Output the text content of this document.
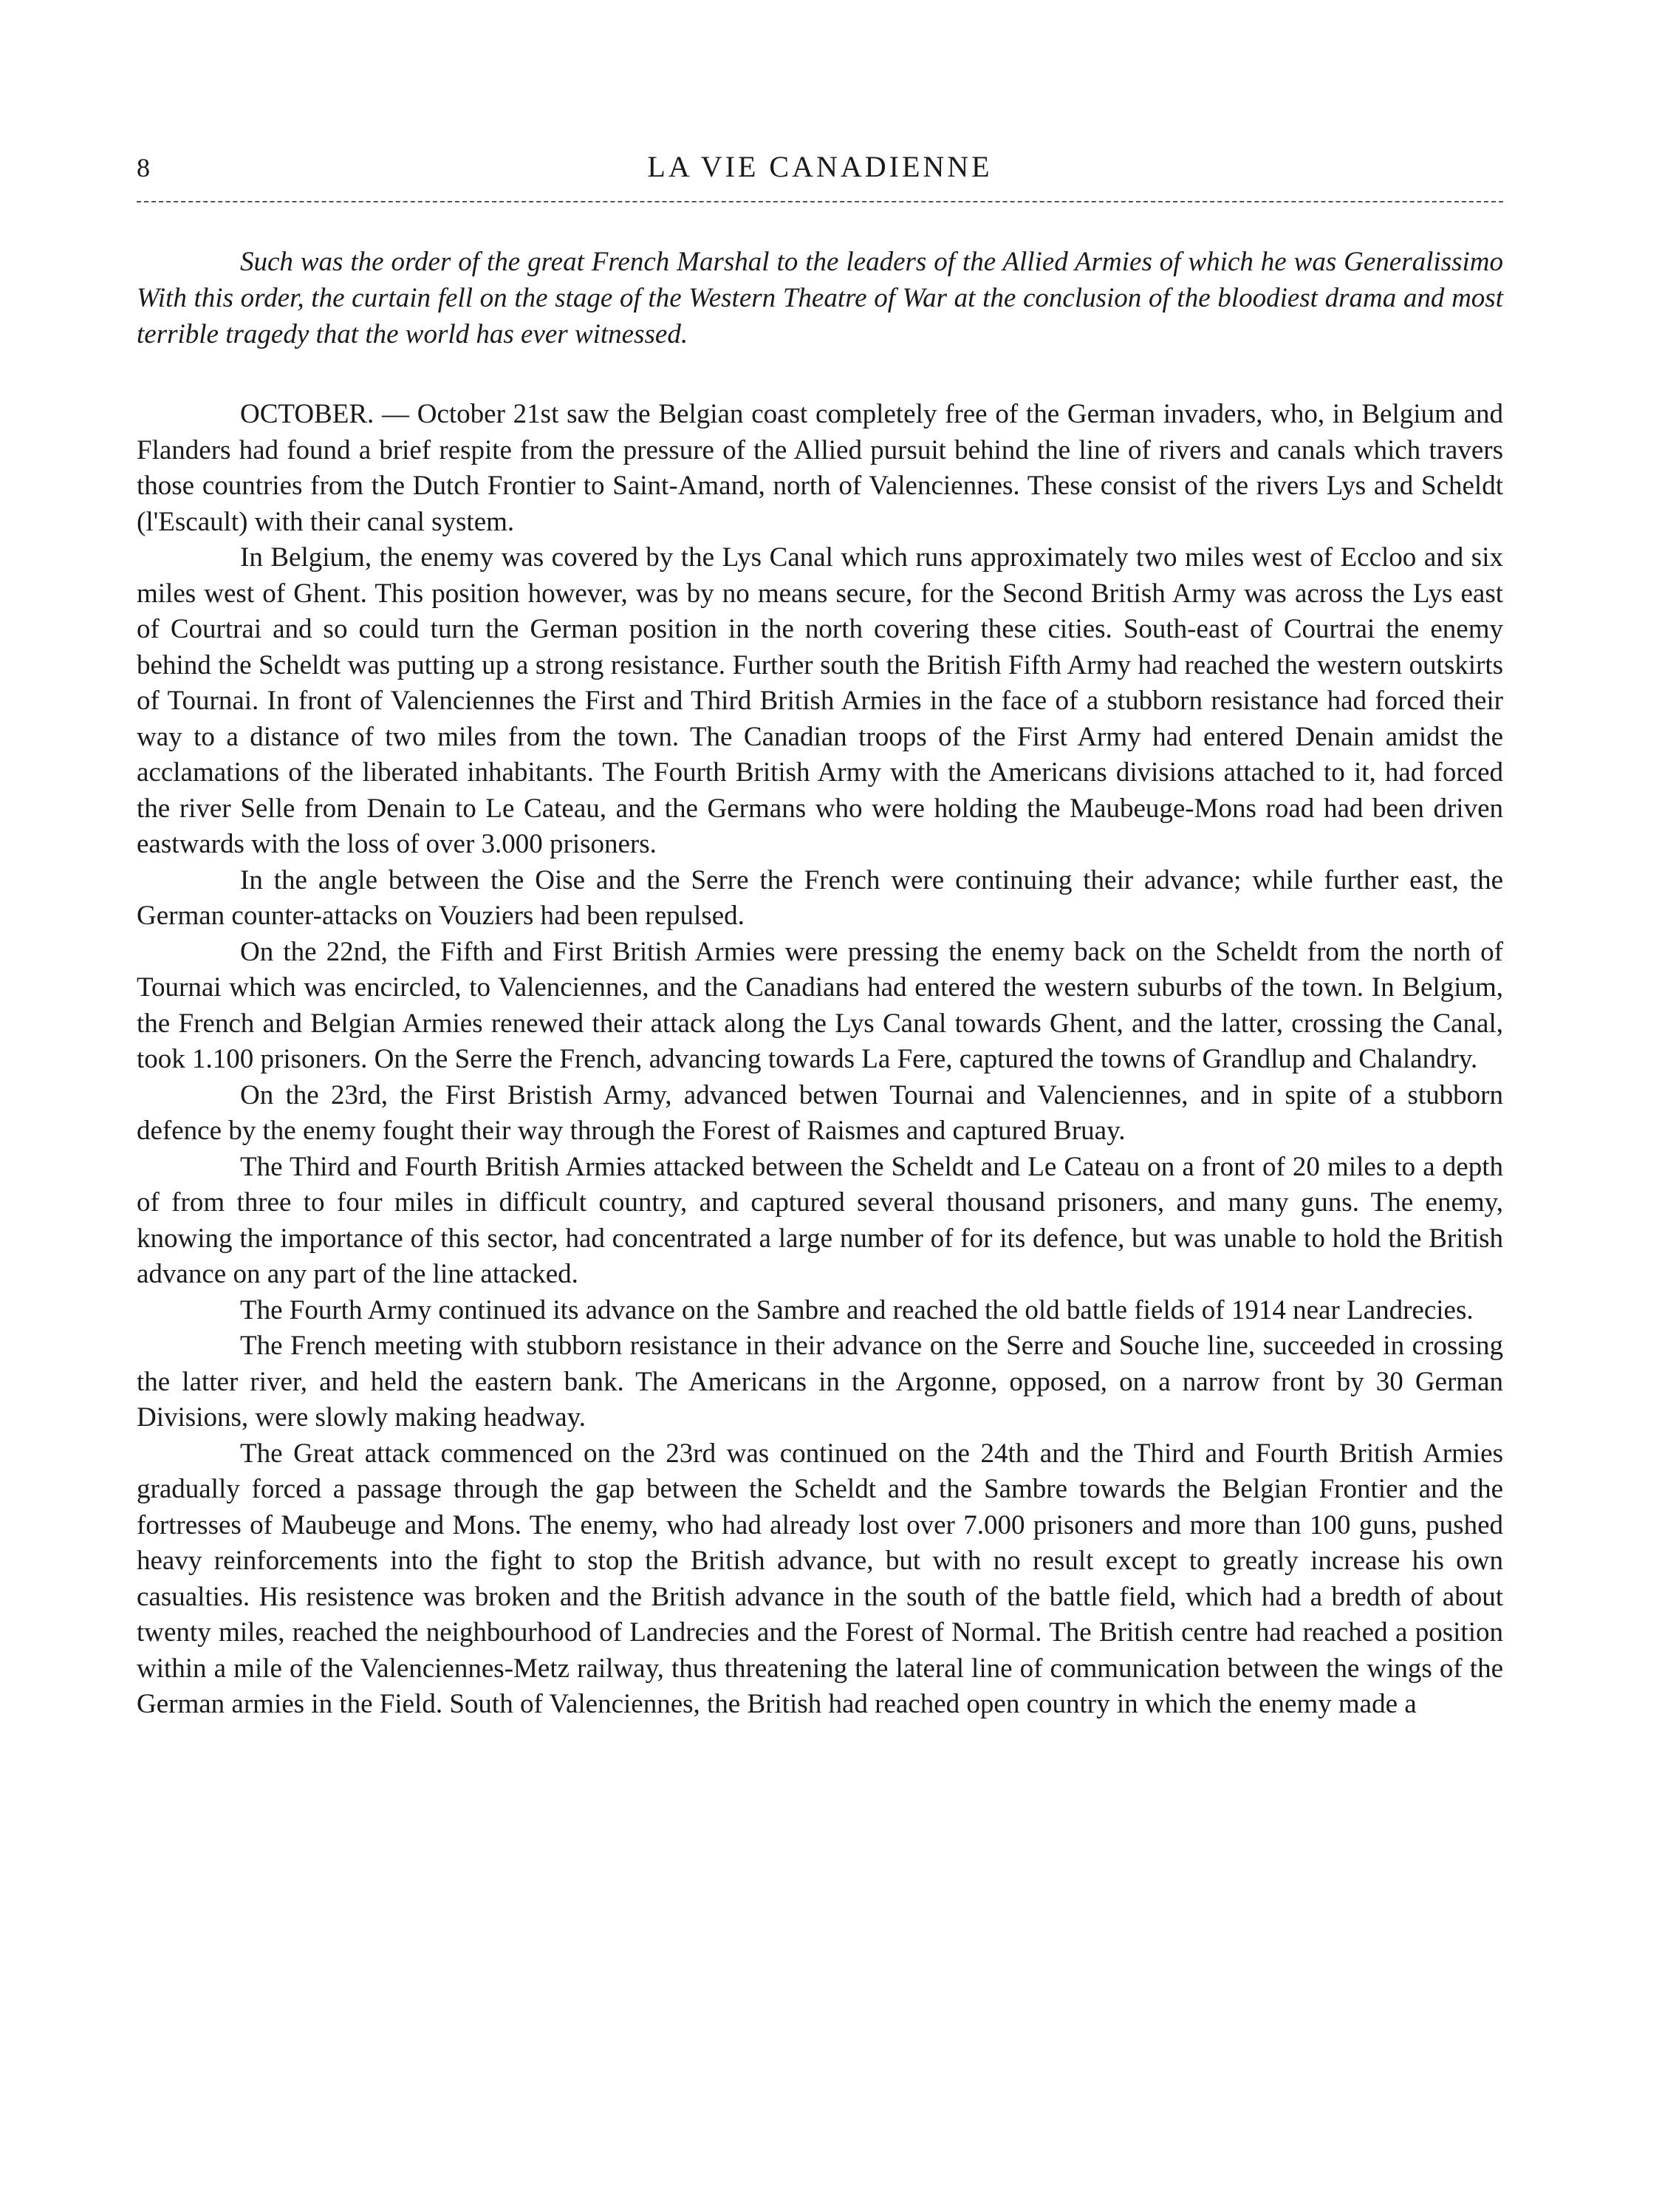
8	LA VIE CANADIENNE

Such was the order of the great French Marshal to the leaders of the Allied Armies of which he was Generalissimo With this order, the curtain fell on the stage of the Western Theatre of War at the conclusion of the bloodiest drama and most terrible tragedy that the world has ever witnessed.

OCTOBER. — October 21st saw the Belgian coast completely free of the German invaders, who, in Belgium and Flanders had found a brief respite from the pressure of the Allied pursuit behind the line of rivers and canals which travers those countries from the Dutch Frontier to Saint-Amand, north of Valenciennes. These consist of the rivers Lys and Scheldt (l'Escault) with their canal system.

In Belgium, the enemy was covered by the Lys Canal which runs approximately two miles west of Eccloo and six miles west of Ghent. This position however, was by no means secure, for the Second British Army was across the Lys east of Courtrai and so could turn the German position in the north covering these cities. South-east of Courtrai the enemy behind the Scheldt was putting up a strong resistance. Further south the British Fifth Army had reached the western outskirts of Tournai. In front of Valenciennes the First and Third British Armies in the face of a stubborn resistance had forced their way to a distance of two miles from the town. The Canadian troops of the First Army had entered Denain amidst the acclamations of the liberated inhabitants. The Fourth British Army with the Americans divisions attached to it, had forced the river Selle from Denain to Le Cateau, and the Germans who were holding the Maubeuge-Mons road had been driven eastwards with the loss of over 3.000 prisoners.

In the angle between the Oise and the Serre the French were continuing their advance; while further east, the German counter-attacks on Vouziers had been repulsed.

On the 22nd, the Fifth and First British Armies were pressing the enemy back on the Scheldt from the north of Tournai which was encircled, to Valenciennes, and the Canadians had entered the western suburbs of the town. In Belgium, the French and Belgian Armies renewed their attack along the Lys Canal towards Ghent, and the latter, crossing the Canal, took 1.100 prisoners. On the Serre the French, advancing towards La Fere, captured the towns of Grandlup and Chalandry.

On the 23rd, the First Bristish Army, advanced betwen Tournai and Valenciennes, and in spite of a stubborn defence by the enemy fought their way through the Forest of Raismes and captured Bruay.

The Third and Fourth British Armies attacked between the Scheldt and Le Cateau on a front of 20 miles to a depth of from three to four miles in difficult country, and captured several thousand prisoners, and many guns. The enemy, knowing the importance of this sector, had concentrated a large number of for its defence, but was unable to hold the British advance on any part of the line attacked.

The Fourth Army continued its advance on the Sambre and reached the old battle fields of 1914 near Landrecies.

The French meeting with stubborn resistance in their advance on the Serre and Souche line, succeeded in crossing the latter river, and held the eastern bank. The Americans in the Argonne, opposed, on a narrow front by 30 German Divisions, were slowly making headway.

The Great attack commenced on the 23rd was continued on the 24th and the Third and Fourth British Armies gradually forced a passage through the gap between the Scheldt and the Sambre towards the Belgian Frontier and the fortresses of Maubeuge and Mons. The enemy, who had already lost over 7.000 prisoners and more than 100 guns, pushed heavy reinforcements into the fight to stop the British advance, but with no result except to greatly increase his own casualties. His resistence was broken and the British advance in the south of the battle field, which had a bredth of about twenty miles, reached the neighbourhood of Landrecies and the Forest of Normal. The British centre had reached a position within a mile of the Valenciennes-Metz railway, thus threatening the lateral line of communication between the wings of the German armies in the Field. South of Valenciennes, the British had reached open country in which the enemy made a
